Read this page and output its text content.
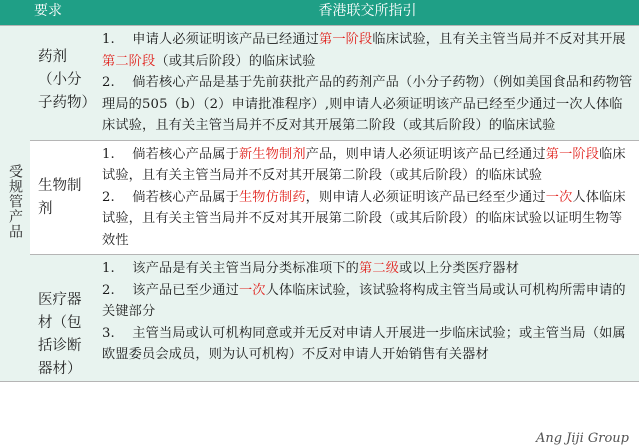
要求		香港联交所指引
受规管产品	药剂（小分子药物）	1. 申请人必须证明该产品已经通过第一阶段临床试验，且有关主管当局并不反对其开展第二阶段（或其后阶段）的临床试验

2. 倘若核心产品是基于先前获批产品的药剂产品（小分子药物）（例如美国食品和药物管理局的505（b）（2）申请批准程序）,则申请人必须证明该产品已经至少通过一次人体临床试验，且有关主管当局并不反对其开展第二阶段（或其后阶段）的临床试验

	生物制剂	1. 倘若核心产品属于新生物制剂产品，则申请人必须证明该产品已经通过第一阶段临床试验，且有关主管当局并不反对其开展第二阶段（或其后阶段）的临床试验

2. 倘若核心产品属于生物仿制药，则申请人必须证明该产品已经至少通过一次人体临床试验，且有关主管当局并不反对其开展第二阶段（或其后阶段）的临床试验以证明生物等效性

	医疗器材（包括诊断器材）	1. 该产品是有关主管当局分类标准项下的第二级或以上分类医疗器材

2. 该产品已至少通过一次人体临床试验，该试验将构成主管当局或认可机构所需申请的关键部分

3. 主管当局或认可机构同意或并无反对申请人开展进一步临床试验；或主管当局（如属欧盟委员会成员，则为认可机构）不反对申请人开始销售有关器材

Ang Jiji Group
